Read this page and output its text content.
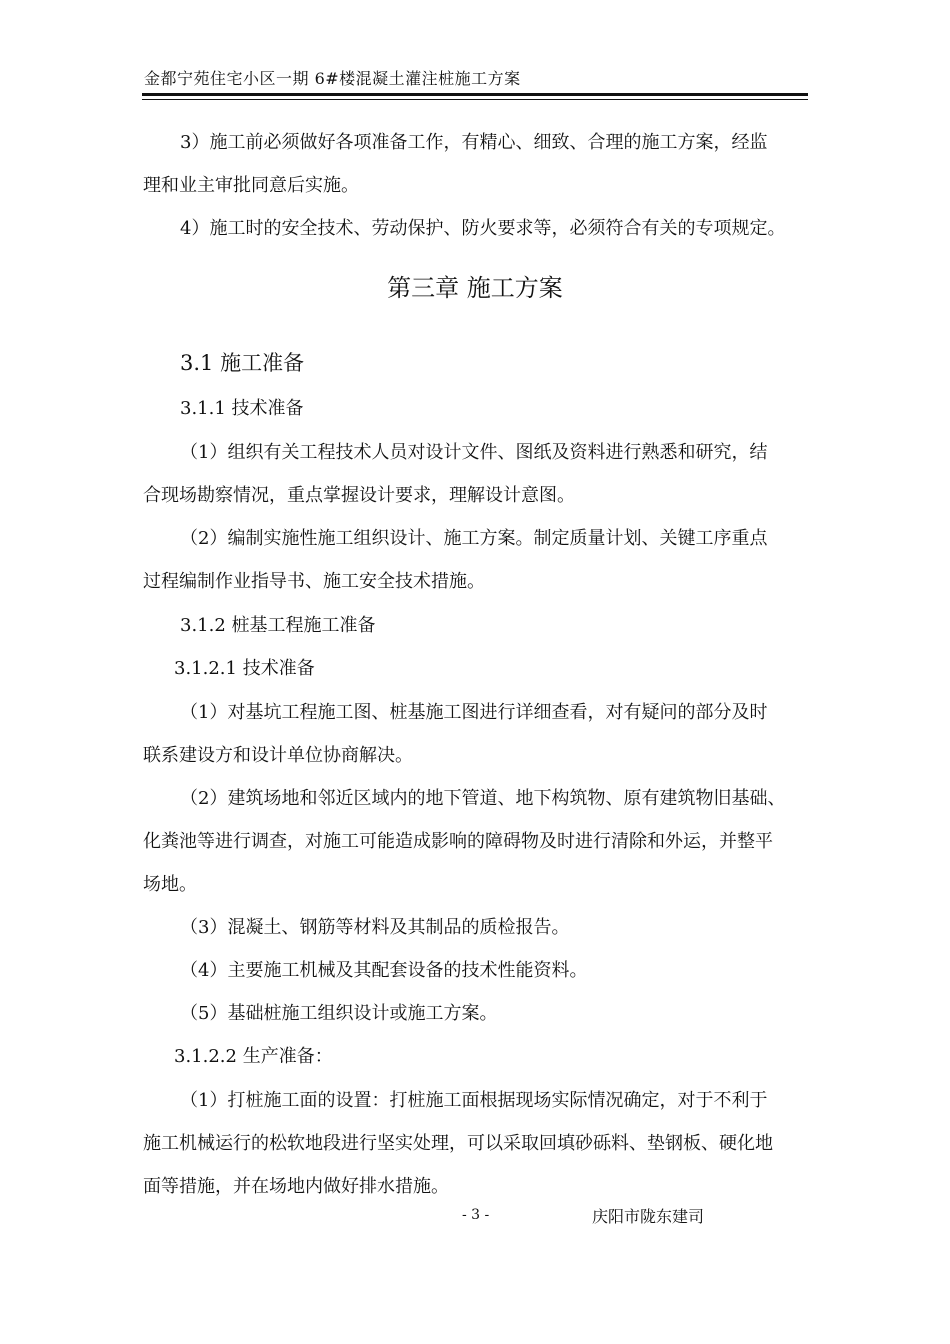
金都宁苑住宅小区一期 6#楼混凝土灌注桩施工方案
3）施工前必须做好各项准备工作，有精心、细致、合理的施工方案，经监
理和业主审批同意后实施。
4）施工时的安全技术、劳动保护、防火要求等，必须符合有关的专项规定。
第三章 施工方案
3.1 施工准备
3.1.1 技术准备
（1）组织有关工程技术人员对设计文件、图纸及资料进行熟悉和研究，结
合现场勘察情况，重点掌握设计要求，理解设计意图。
（2）编制实施性施工组织设计、施工方案。制定质量计划、关键工序重点
过程编制作业指导书、施工安全技术措施。
3.1.2 桩基工程施工准备
3.1.2.1 技术准备
（1）对基坑工程施工图、桩基施工图进行详细查看，对有疑问的部分及时
联系建设方和设计单位协商解决。
（2）建筑场地和邻近区域内的地下管道、地下构筑物、原有建筑物旧基础、
化粪池等进行调查，对施工可能造成影响的障碍物及时进行清除和外运，并整平
场地。
（3）混凝土、钢筋等材料及其制品的质检报告。
（4）主要施工机械及其配套设备的技术性能资料。
（5）基础桩施工组织设计或施工方案。
3.1.2.2 生产准备：
（1）打桩施工面的设置：打桩施工面根据现场实际情况确定，对于不利于
施工机械运行的松软地段进行坚实处理，可以采取回填砂砾料、垫钢板、硬化地
面等措施，并在场地内做好排水措施。
- 3 -	庆阳市陇东建司
